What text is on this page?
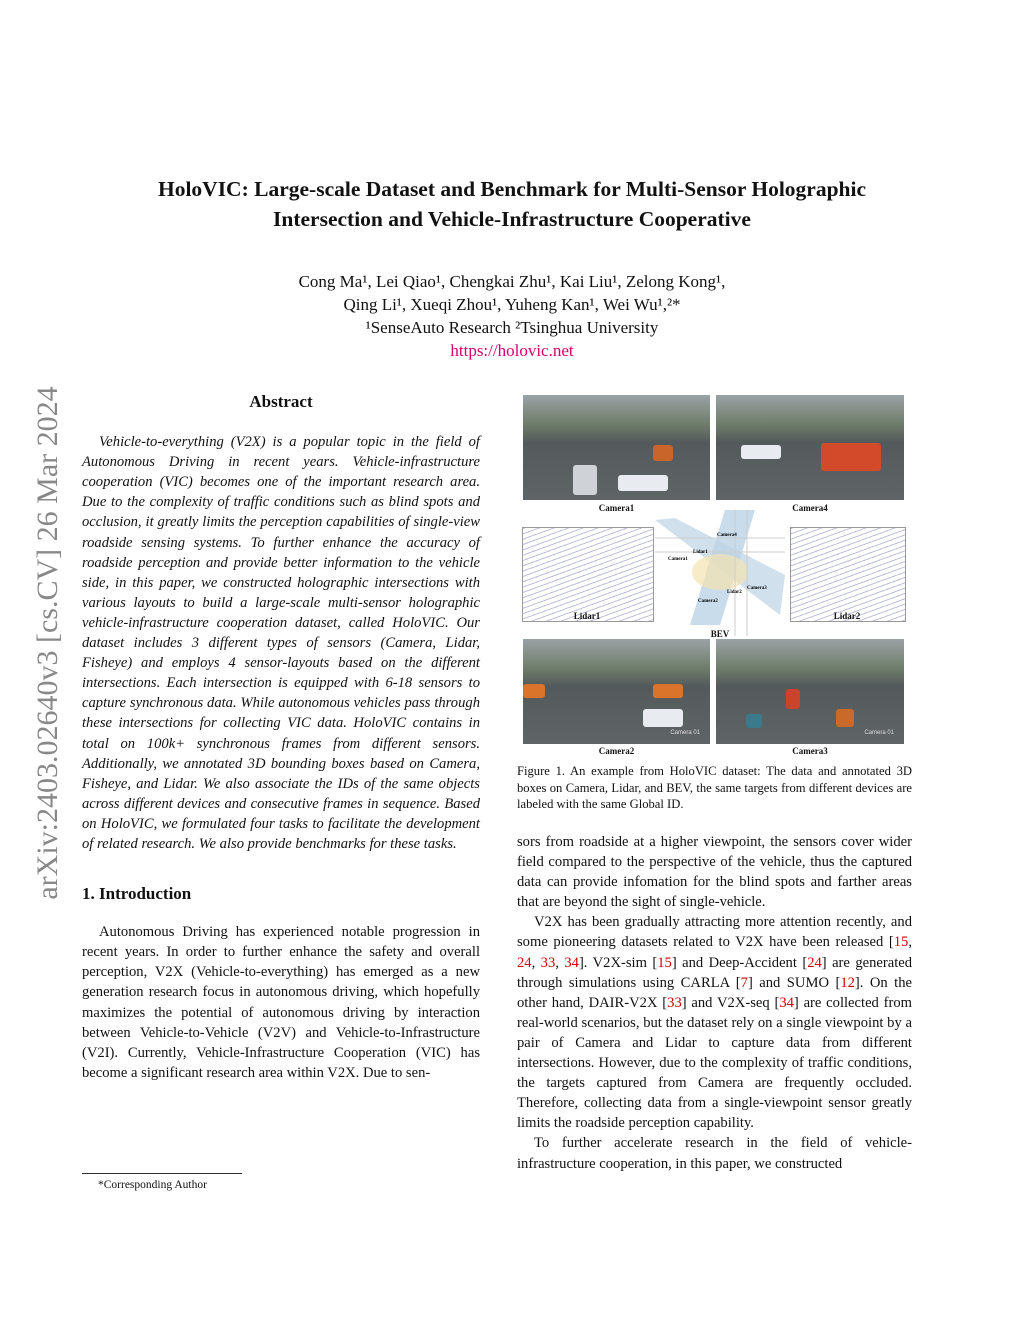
arXiv:2403.02640v3 [cs.CV] 26 Mar 2024
HoloVIC: Large-scale Dataset and Benchmark for Multi-Sensor Holographic
Intersection and Vehicle-Infrastructure Cooperative
Cong Ma¹, Lei Qiao¹, Chengkai Zhu¹, Kai Liu¹, Zelong Kong¹,
Qing Li¹, Xueqi Zhou¹, Yuheng Kan¹, Wei Wu¹,²*
¹SenseAuto Research ²Tsinghua University
https://holovic.net
Abstract

Vehicle-to-everything (V2X) is a popular topic in the field of Autonomous Driving in recent years. Vehicle-infrastructure cooperation (VIC) becomes one of the important research area. Due to the complexity of traffic conditions such as blind spots and occlusion, it greatly limits the perception capabilities of single-view roadside sensing systems. To further enhance the accuracy of roadside perception and provide better information to the vehicle side, in this paper, we constructed holographic intersections with various layouts to build a large-scale multi-sensor holographic vehicle-infrastructure cooperation dataset, called HoloVIC. Our dataset includes 3 different types of sensors (Camera, Lidar, Fisheye) and employs 4 sensor-layouts based on the different intersections. Each intersection is equipped with 6-18 sensors to capture synchronous data. While autonomous vehicles pass through these intersections for collecting VIC data. HoloVIC contains in total on 100k+ synchronous frames from different sensors. Additionally, we annotated 3D bounding boxes based on Camera, Fisheye, and Lidar. We also associate the IDs of the same objects across different devices and consecutive frames in sequence. Based on HoloVIC, we formulated four tasks to facilitate the development of related research. We also provide benchmarks for these tasks.

1. Introduction

Autonomous Driving has experienced notable progression in recent years. In order to further enhance the safety and overall perception, V2X (Vehicle-to-everything) has emerged as a new generation research focus in autonomous driving, which hopefully maximizes the potential of autonomous driving by interaction between Vehicle-to-Vehicle (V2V) and Vehicle-to-Infrastructure (V2I). Currently, Vehicle-Infrastructure Cooperation (VIC) has become a significant research area within V2X. Due to sen-

*Corresponding Author
Camera1	Camera4
Camera4
Lidar1
Camera1
Camera3
Lidar2
Camera2
Lidar1	Lidar2
BEV
Camera 01	Camera 01
Camera2	Camera3
Figure 1. An example from HoloVIC dataset: The data and annotated 3D boxes on Camera, Lidar, and BEV, the same targets from different devices are labeled with the same Global ID.

sors from roadside at a higher viewpoint, the sensors cover wider field compared to the perspective of the vehicle, thus the captured data can provide infomation for the blind spots and farther areas that are beyond the sight of single-vehicle.

V2X has been gradually attracting more attention recently, and some pioneering datasets related to V2X have been released [15, 24, 33, 34]. V2X-sim [15] and Deep-Accident [24] are generated through simulations using CARLA [7] and SUMO [12]. On the other hand, DAIR-V2X [33] and V2X-seq [34] are collected from real-world scenarios, but the dataset rely on a single viewpoint by a pair of Camera and Lidar to capture data from different intersections. However, due to the complexity of traffic conditions, the targets captured from Camera are frequently occluded. Therefore, collecting data from a single-viewpoint sensor greatly limits the roadside perception capability.

To further accelerate research in the field of vehicle-infrastructure cooperation, in this paper, we constructed
